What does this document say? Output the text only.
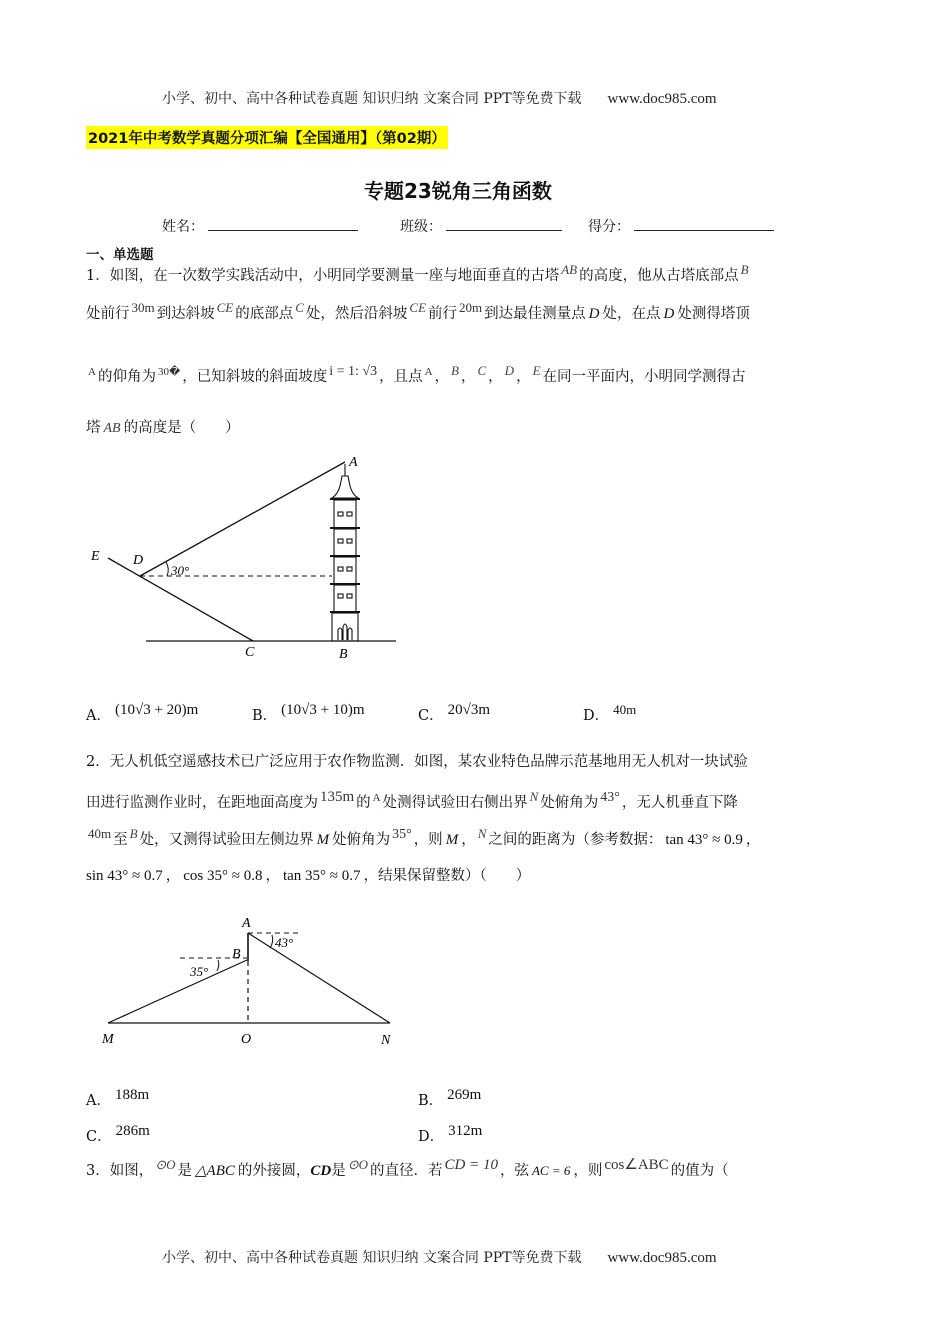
小学、初中、高中各种试卷真题 知识归纳 文案合同 PPT等免费下载 www.doc985.com
2021年中考数学真题分项汇编【全国通用】（第02期）
专题23锐角三角函数
姓名：	班级：	得分：
一、单选题
1．如图，在一次数学实践活动中，小明同学要测量一座与地面垂直的古塔 AB 的高度，他从古塔底部点 B
处前行 30m 到达斜坡 CE 的底部点 C 处，然后沿斜坡 CE 前行 20m 到达最佳测量点 D 处，在点 D 处测得塔顶
$^A$ 的仰角为 $^{30�}$ ，已知斜坡的斜面坡度 i = 1: √3 ，且点 $^A$ ， B ， C ， D ， E 在同一平面内，小明同学测得古
塔 AB 的高度是（　　）
A
E D
30°
C	B
A． (10√3 + 20)m	B． (10√3 + 10)m	C． 20√3m	D． 40m
2．无人机低空遥感技术已广泛应用于农作物监测．如图，某农业特色品牌示范基地用无人机对一块试验
田进行监测作业时，在距地面高度为 135m 的 $^A$ 处测得试验田右侧出界 N 处俯角为 43° ，无人机垂直下降
40m 至 B 处，又测得试验田左侧边界 M 处俯角为 35° ，则 M ， N 之间的距离为（参考数据： tan 43° ≈ 0.9 ，
sin 43° ≈ 0.7 ， cos 35° ≈ 0.8 ， tan 35° ≈ 0.7 ，结果保留整数）（　　）
A
B
43°
35°
M	O	N
A． 188m	B． 269m
C． 286m	D． 312m
3．如图， ⊙O 是 △ABC 的外接圆，CD是 ⊙O 的直径．若 CD = 10 ，弦 AC = 6 ，则 cos∠ABC 的值为（
小学、初中、高中各种试卷真题 知识归纳 文案合同 PPT等免费下载 www.doc985.com
